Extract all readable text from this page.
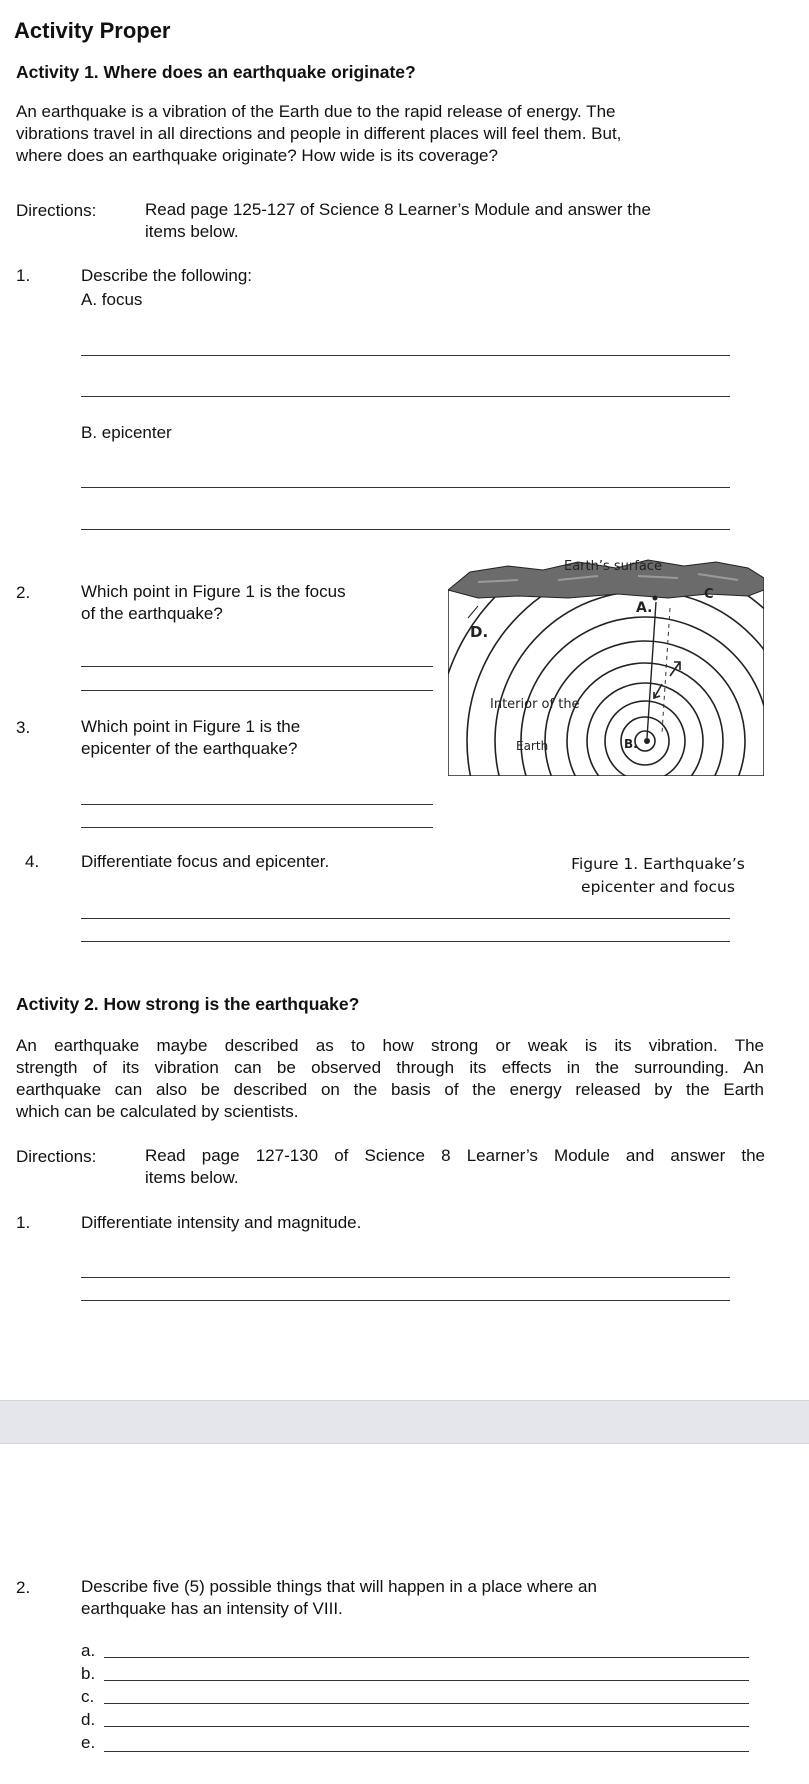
Activity Proper
Activity 1. Where does an earthquake originate?
An earthquake is a vibration of the Earth due to the rapid release of energy. The
vibrations travel in all directions and people in different places will feel them. But,
where does an earthquake originate? How wide is its coverage?
Directions:	Read page 125-127 of Science 8 Learner’s Module and answer the
items below.
1.	Describe the following:
A. focus
B. epicenter
2.	Which point in Figure 1 is the focus
of the earthquake?
3.	Which point in Figure 1 is the
epicenter of the earthquake?
Earth’s surface
A.
C
D.
Interior of the
Earth	B.
4. Differentiate focus and epicenter.	Figure 1. Earthquake’s
epicenter and focus
Activity 2. How strong is the earthquake?
An earthquake maybe described as to how strong or weak is its vibration. The
strength of its vibration can be observed through its effects in the surrounding. An
earthquake can also be described on the basis of the energy released by the Earth
which can be calculated by scientists.
Directions:	Read page 127-130 of Science 8 Learner’s Module and answer the
items below.
1.	Differentiate intensity and magnitude.
2.	Describe five (5) possible things that will happen in a place where an
earthquake has an intensity of VIII.
a.
b.
c.
d.
e.
